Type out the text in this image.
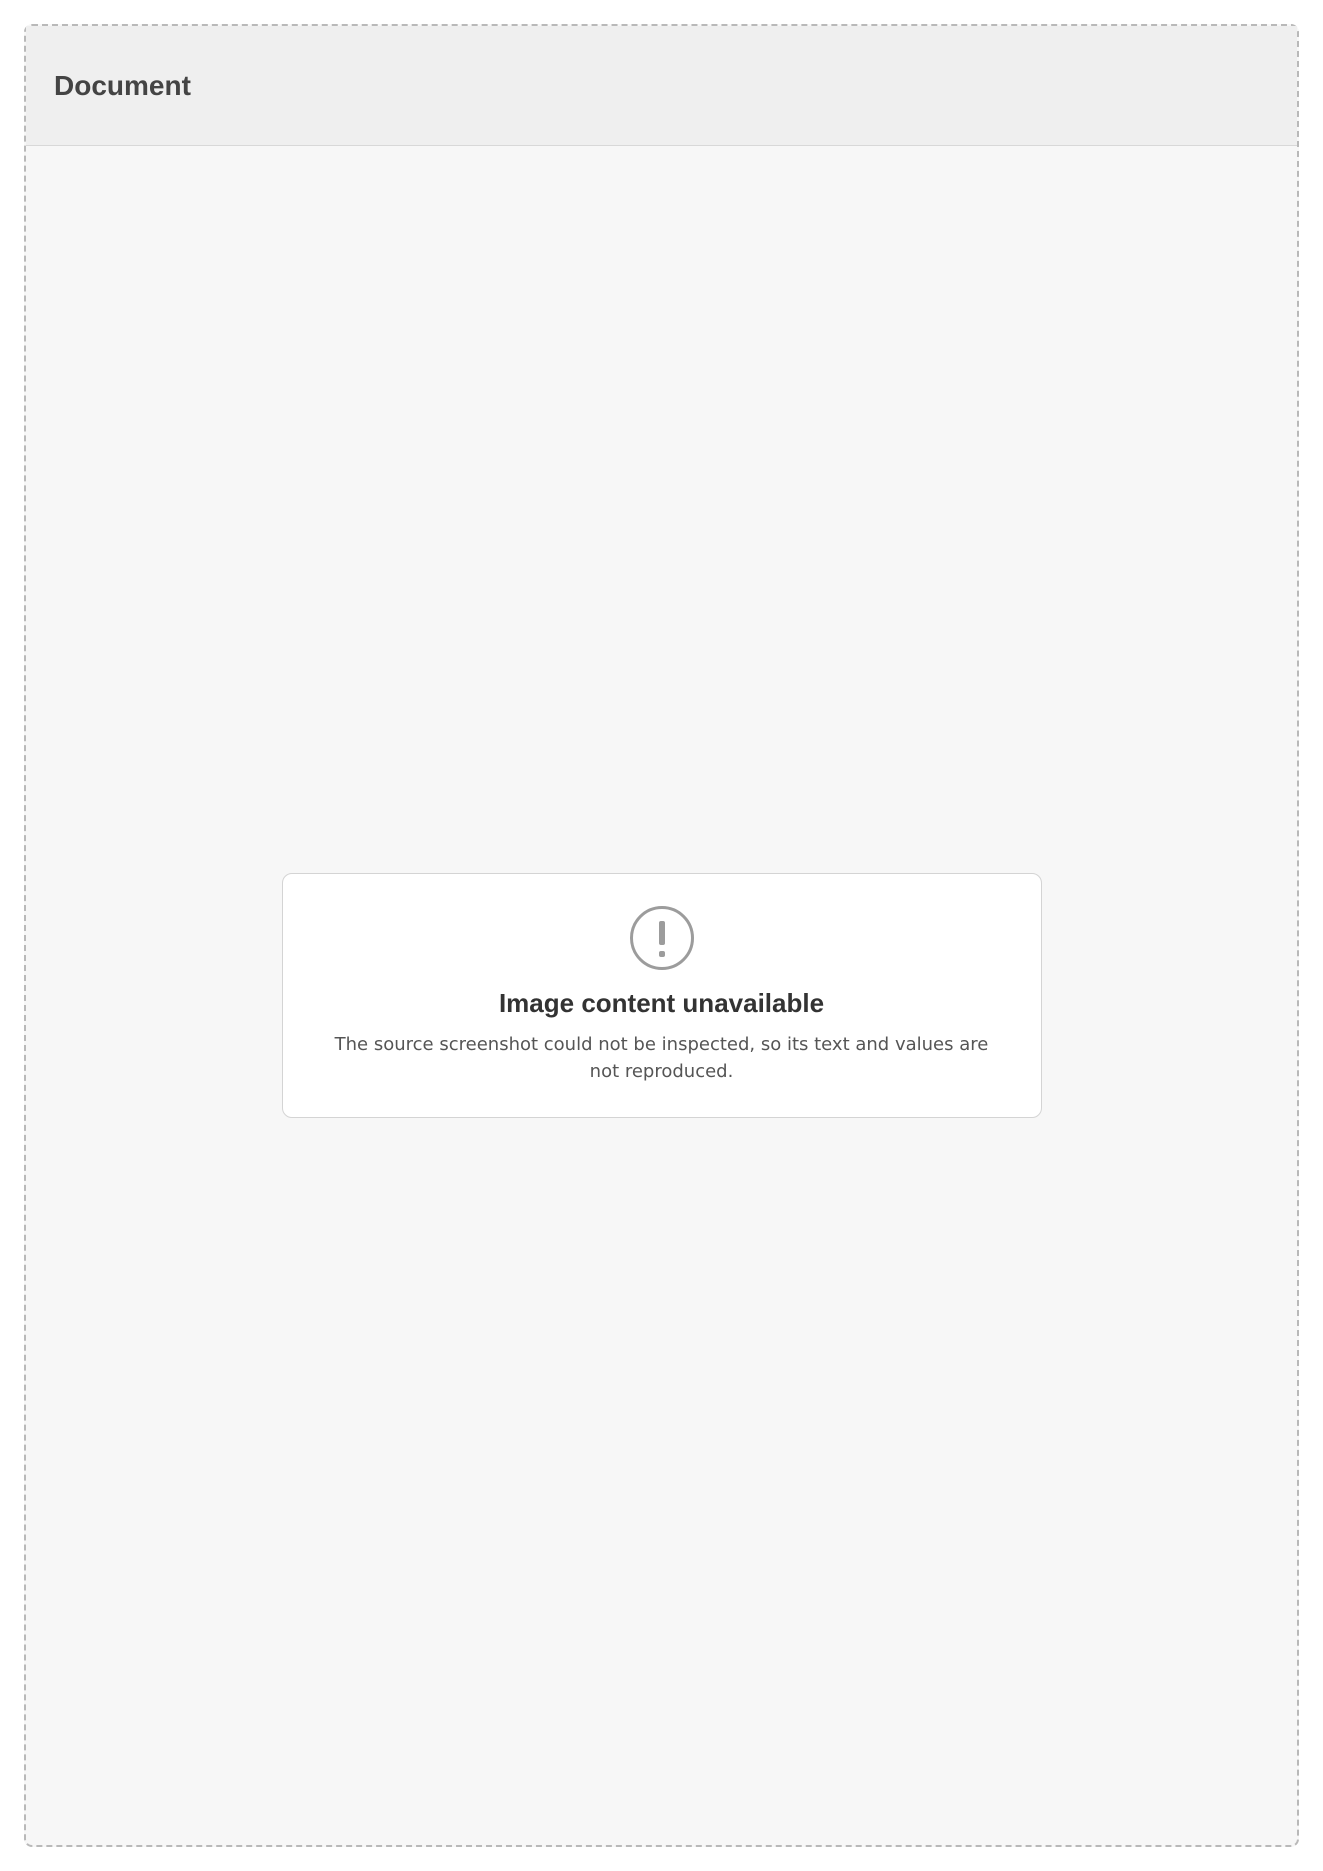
Document
Image content unavailable
The source screenshot could not be inspected, so its text and values are not reproduced.
